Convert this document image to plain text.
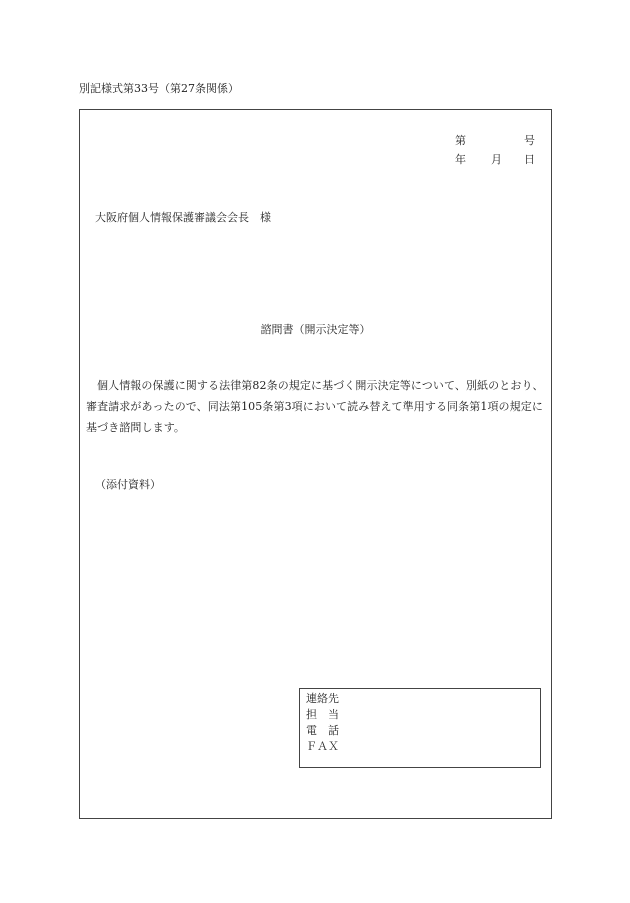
別記様式第33号（第27条関係）
第	号
年 月 日
大阪府個人情報保護審議会会長　様
諮問書（開示決定等）
個人情報の保護に関する法律第82条の規定に基づく開示決定等について、別紙のとおり、審査請求があったので、同法第105条第3項において読み替えて準用する同条第1項の規定に基づき諮問します。
（添付資料）
連絡先
担　当
電　話
ＦＡＸ
